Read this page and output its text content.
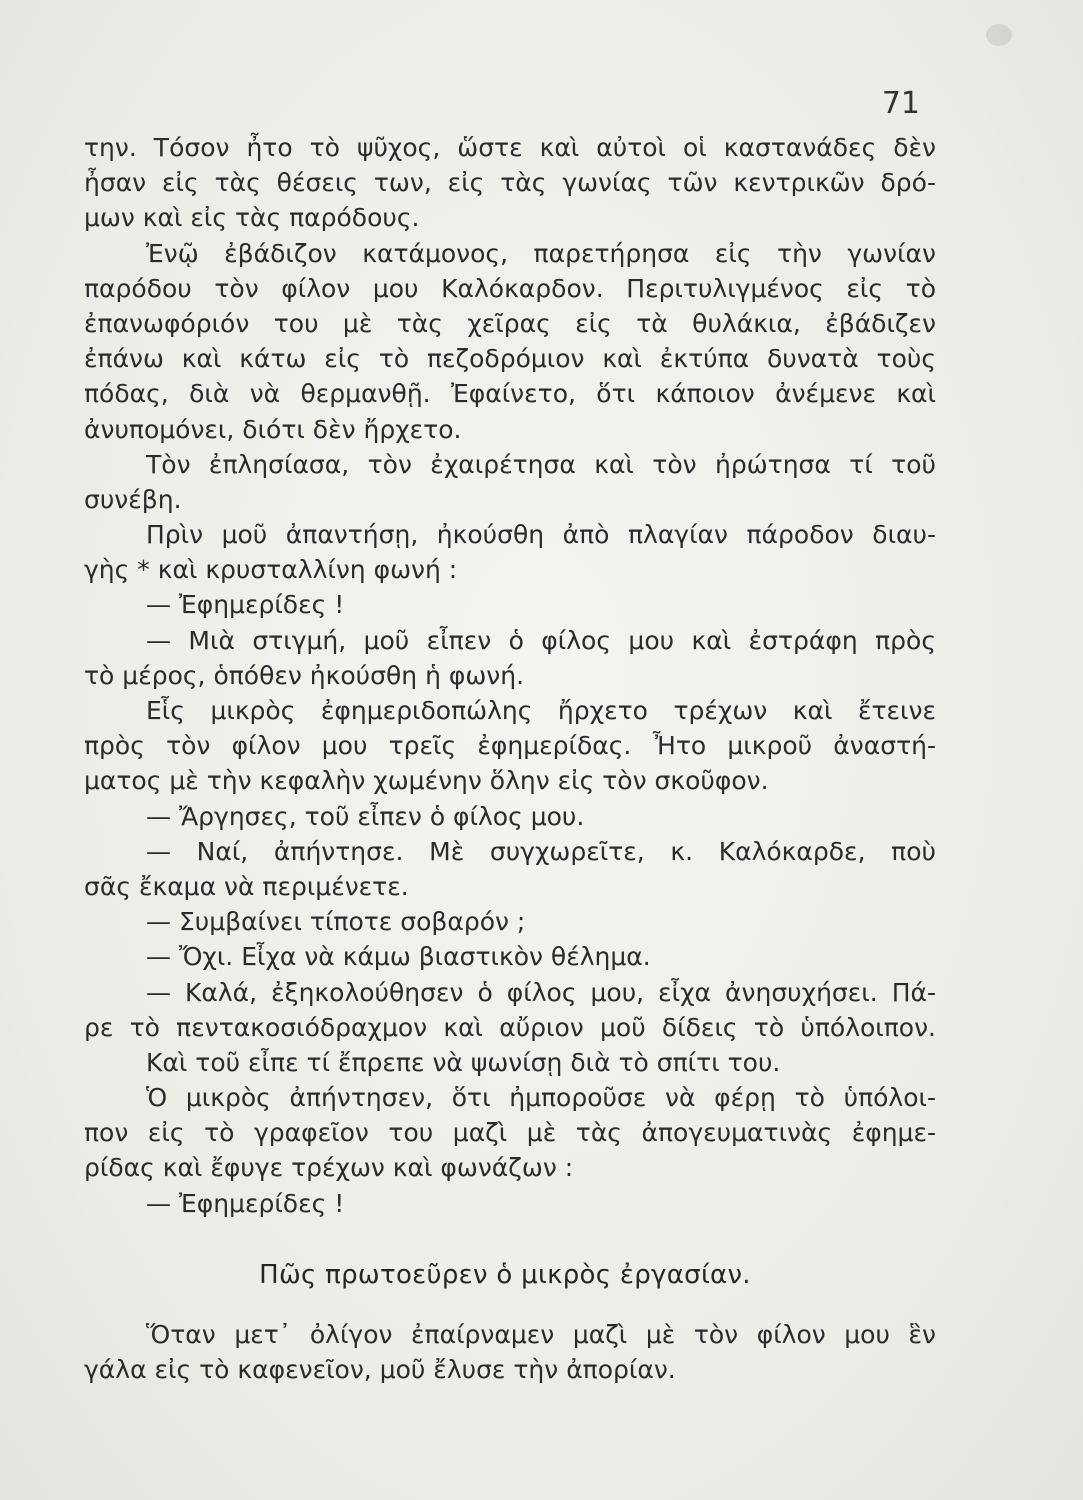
71
την. Τόσον ἦτο τὸ ψῦχος, ὥστε καὶ αὐτοὶ οἱ καστανάδες δὲν
ἦσαν εἰς τὰς θέσεις των, εἰς τὰς γωνίας τῶν κεντρικῶν δρό-
μων καὶ εἰς τὰς παρόδους.
Ἐνῷ ἐβάδιζον κατάμονος, παρετήρησα εἰς τὴν γωνίαν
παρόδου τὸν φίλον μου Καλόκαρδον. Περιτυλιγμένος εἰς τὸ
ἐπανωφόριόν του μὲ τὰς χεῖρας εἰς τὰ θυλάκια, ἐβάδιζεν
ἐπάνω καὶ κάτω εἰς τὸ πεζοδρόμιον καὶ ἐκτύπα δυνατὰ τοὺς
πόδας, διὰ νὰ θερμανθῇ. Ἐφαίνετο, ὅτι κάποιον ἀνέμενε καὶ
ἀνυπομόνει, διότι δὲν ἤρχετο.
Τὸν ἐπλησίασα, τὸν ἐχαιρέτησα καὶ τὸν ἠρώτησα τί τοῦ
συνέβη.
Πρὶν μοῦ ἀπαντήσῃ, ἠκούσθη ἀπὸ πλαγίαν πάροδον διαυ-
γὴς * καὶ κρυσταλλίνη φωνή :
— Ἐφημερίδες !
— Μιὰ στιγμή, μοῦ εἶπεν ὁ φίλος μου καὶ ἐστράφη πρὸς
τὸ μέρος, ὁπόθεν ἠκούσθη ἡ φωνή.
Εἷς μικρὸς ἐφημεριδοπώλης ἤρχετο τρέχων καὶ ἔτεινε
πρὸς τὸν φίλον μου τρεῖς ἐφημερίδας. Ἦτο μικροῦ ἀναστή-
ματος μὲ τὴν κεφαλὴν χωμένην ὅλην εἰς τὸν σκοῦφον.
— Ἄργησες, τοῦ εἶπεν ὁ φίλος μου.
— Ναί, ἀπήντησε. Μὲ συγχωρεῖτε, κ. Καλόκαρδε, ποὺ
σᾶς ἔκαμα νὰ περιμένετε.
— Συμβαίνει τίποτε σοβαρόν ;
— Ὄχι. Εἶχα νὰ κάμω βιαστικὸν θέλημα.
— Καλά, ἐξηκολούθησεν ὁ φίλος μου, εἶχα ἀνησυχήσει. Πά-
ρε τὸ πεντακοσιόδραχμον καὶ αὔριον μοῦ δίδεις τὸ ὑπόλοιπον.
Καὶ τοῦ εἶπε τί ἔπρεπε νὰ ψωνίσῃ διὰ τὸ σπίτι του.
Ὁ μικρὸς ἀπήντησεν, ὅτι ἠμποροῦσε νὰ φέρῃ τὸ ὑπόλοι-
πον εἰς τὸ γραφεῖον του μαζὶ μὲ τὰς ἀπογευματινὰς ἐφημε-
ρίδας καὶ ἔφυγε τρέχων καὶ φωνάζων :
— Ἐφημερίδες !
Πῶς πρωτοεῦρεν ὁ μικρὸς ἐργασίαν.
Ὅταν μετ᾽ ὀλίγον ἐπαίρναμεν μαζὶ μὲ τὸν φίλον μου ἓν
γάλα εἰς τὸ καφενεῖον, μοῦ ἔλυσε τὴν ἀπορίαν.
